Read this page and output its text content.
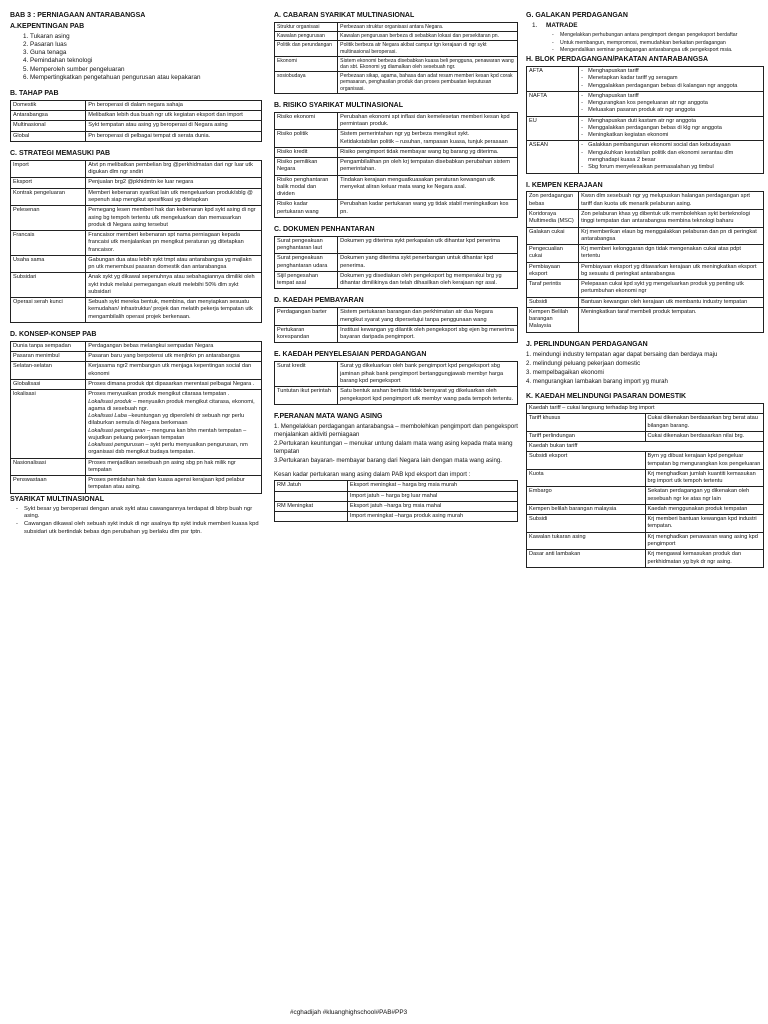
BAB 3 : PERNIAGAAN ANTARABANGSA
A.KEPENTINGAN PAB
1. Tukaran asing
2. Pasaran luas
3. Guna tenaga
4. Pemindahan teknologi
5. Memperoleh sumber pengeluaran
6. Mempertingkatkan pengetahuan pengurusan atau kepakaran
B. TAHAP PAB
Domestik	Pn beroperasi di dalam negara sahaja
Antarabangsa	Melibatkan lebih dua buah ngr utk kegiatan eksport dan import
Multinasional	Sykt tempatan atau asing yg beroperasi di Negara asing
Global	Pn beroperasi di pelbagai tempat di serata dunia.
C. STRATEGI MEMASUKI PAB
Import	Atvt pn melibatkan pembelian brg @perkhidmatan dari ngr luar utk digukan dlm ngr sndiri
Eksport	Penjualan brg2 @pkhidmtn ke luar negara
Kontrak pengeluaran	Memberi kebenaran syarikat lain utk mengeluarkan produk/sblg @ sepenuh siap mengikut spesifikasi yg ditetapkan
Pelesenan	Pemegang lesen memberi hak dan kebenaran kpd sykt asing di ngr asing bg tempoh tertentu utk mengeluarkan dan memasarkan produk di Negara asing tersebut
Francais	Francaisor memberi kebenaran spt nama perniagaan kepada francaisi utk menjalankan pn mengikut peraturan yg ditetapkan francaisor.
Usaha sama	Gabungan dua atau lebih sykt tmpt atau antarabangsa yg majlakn pn utk menembusi pasaran domestik dan antarabangsa
Subsidari	Anak sykt yg dikawal sepenuhnya atau sebahagiannya dimiliki oleh sykt induk melalui pemegangan ekuiti melebihi 50% dlm sykt subsidari
Operasi serah kunci	Sebuah sykt mereka bentuk, membina, dan menyiapkan sesuatu kemudahan/ infrastruktur/ projek dan melatih pekerja tempatan utk mengambilalih operasi projek berkenaan.
D. KONSEP-KONSEP PAB
Dunia tanpa sempadan	Perdagangan bebas melangkui sempadan Negara

Pasaran menimbul	Pasaran baru yang berpotensi utk menjlnkn pn antarabangsa

Selatan-selatan	Kerjasama ngr2 membangun utk menjaga kepentingan social dan ekonomi

Globalisasi	Proses dimana produk dpt dipasarkan merentasi pelbagai Negara .

lokalisasi	Proses menyuaikan produk mengikut citarasa tempatan .
Lokalisasi produk – menyuaikn produk mengikut citarasa, ekonomi, agama di sesebuah ngr.
Lokalisasi Laba –keuntungan yg diperolehi dr sebuah ngr perlu dilaburkan semula di Negara berkenaan
Lokalisasi pengeluaran – menguna kan bhn mentah tempatan – wujudkan peluang pekerjaan tempatan
Lokalisasi pengurusan – sykt perlu menyuaikan pengurusan, nm organisasi dsb mengikut budaya tempatan.

Nasionalisasi	Proses menjadikan sesebuah pn asing sbg pn hak milik ngr tempatan

Penswastaan	Proses pemidahan hak dan kuasa agensi kerajaan kpd pelabur tempatan atau asing.
SYARIKAT MULTINASIONAL
- Sykt besar yg beroperasi dengan anak sykt atau cawangannya terdapat di bbrp buah ngr asing.
- Cawangan dikawal oleh sebuah sykt induk di ngr asalnya ttp sykt induk memberi kuasa kpd subsidari utk bertindak bebas dgn perubahan yg berlaku dlm psr tptn.
A. CABARAN SYARIKAT MULTINASIONAL
Struktur organisasi	Perbezaan struktur organisasi antara Negara.
Kawalan pengurusan	Kawalan pengurusan berbeza di sebabkan lokasi dan persekitaran pn.
Politik dan perundangan	Politik berbeza atr Negara akibat campur tgn kerajaan di ngr sykt multinasional beroperasi.
Ekonomi	Sistem ekonomi berbeza disebabkan kuasa beli pengguna, penawaran wang dan sbt. Ekonomi yg diamalkan oleh sesebuah ngr.
sosiobudaya	Perbezaan sikap, agama, bahasa dan adat resam memberi kesan kpd corak pemasaran, penghasilan produk dan proses pembuatan keputusan organisasi.
B. RISIKO SYARIKAT MULTINASIONAL
Risiko ekonomi	Perubahan ekonomi spt inflasi dan kemelesetan memberi kesan kpd permintaan produk.
Risiko politik	Sistem pemerintahan ngr yg berbeza mengikut sykt.
Ketidakstabilan politik – rusuhan, rampasan kuasa, tunjuk perasaan
Risiko kredit	Risiko pengimport tidak membayar wang bg barang yg diterima.
Risiko pemilikan Negara	Pengambilalihan pn oleh krj tempatan disebabkan perubahan sistem pemerintahan.
Risiko penghantaran balik modal dan dividen	Tindakan kerajaan menguatkuasakan peraturan kewangan utk menyekat aliran keluar mata wang ke Negara asal.
Risiko kadar pertukaran wang	Perubahan kadar pertukaran wang yg tidak stabil meningkatkan kos pn.
C. DOKUMEN PENHANTARAN
Surat pengeakuan penghantaran laut	Dokumen yg diterima sykt perkapalan utk dihantar kpd penerima
Surat pengeakuan penghantaran udara	Dokumen yang diterima sykt penerbangan untuk dihantar kpd penerima.
Sijil pengesahan tempat asal	Dokumen yg disediakan oleh pengeksport bg memperakui brg yg dihantar dimilikinya dan telah dihasilkan oleh kerajaan ngr asal.
D. KAEDAH PEMBAYARAN
Perdagangan barter	Sistem pertukaran barangan dan perkhimatan atr dua Negara mengikut syarat yang dipersetujui tanpa penggunaan wang
Pertukaran korespandan	Institusi kewangan yg dilantik oleh pengeksport sbg ejen bg menerima bayaran daripada pengimport.
E. KAEDAH PENYELESAIAN PERDAGANGAN
Surat kredit	Surat yg dikeluarkan oleh bank pengimport kpd pengeksport sbg jaminan pihak bank pengimport bertanggungjawab membyr harga barang kpd pengeksport
Tuntutan ikut perintah	Satu bentuk arahan bertulis tidak bersyarat yg dikeluarkan oleh pengeksport kpd pengimport utk membyr wang pada tempoh tertentu.
F.PERANAN MATA WANG ASING
1. Mengelakkan perdagangan antarabangsa – membolehkan pengimport dan pengeksport menjalankan aktiviti perniagaan
2.Pertukaran keuntungan – menukar untung dalam mata wang asing kepada mata wang tempatan
3.Pertukaran bayaran- membayar barang dari Negara lain dengan mata wang asing.
Kesan kadar pertukaran wang asing dalam PAB kpd eksport dan import :
RM Jatuh	Eksport meningkat – harga brg msia murah
	Import jatuh – harga brg luar mahal
RM Meningkat	Eksport jatuh –harga brg msia mahal
	Import meningkat –harga produk asing murah
G. GALAKAN PERDAGANGAN
1. MATRADE
- Mengelakkan perhubungan antara pengimport dengan pengeksport berdaftar
- Untuk membangun, mempromosi, memudahkan berkaitan perdagangan
- Mengendalikan seminar perdagangan antarabangsa utk pengeksport msia.
H. BLOK PERDAGANGAN/PAKATAN ANTARABANGSA
AFTA	- Menghapuskan tariff
- Menetapkan kadar tariff yg seragam
- Menggalakkan perdagangan bebas di kalangan ngr anggota

NAFTA	- Menghapuskan tariff
- Mengurangkan kos pengeluaran atr ngr anggota
- Meluaskan pasaran produk atr ngr anggota

EU	- Menghapuskan duti kastam atr ngr anggota
- Menggalakkan perdagangan bebas di klg ngr anggota
- Meningkatkan kegiatan ekonomi

ASEAN	- Galakkan pembangunan ekonomi social dan kebudayaan
- Mengukuhkan kestabilan politik dan ekonomi serantau dlm menghadapi kuasa 2 besar
- Sbg forum menyelesaikan permasalahan yg timbul
I. KEMPEN KERAJAAN
Zon perdagangan bebas	Kwsn dlm sesebuah ngr yg melupuskan halangan perdagangan sprt tariff dan kuota utk menarik pelaburan asing.
Koridoraya Multimedia (MSC)	Zon pelaburan khas yg dibentuk utk membolehkan sykt berteknologi tinggi tempatan dan antarabangsa membina teknologi baharu
Galakan cukai	Krj memberikan elaun bg menggalakkan pelaburan dan pn di peringkat antarabangsa
Pengecualian cukai	Krj memberi kelonggaran dgn tidak mengenakan cukai atas pdpt tertentu
Pembiayaan eksport	Pembiayaan eksport yg ditawarkan kerajaan utk meningkatkan eksport bg sesuatu di peringkat antarabangsa
Taraf perintis	Pelepasan cukai kpd sykt yg mengeluarkan produk yg penting utk pertumbuhan ekonomi ngr
Subsidi	Bantuan kewangan oleh kerajaan utk membantu industry tempatan
Kempen Belilah barangan Malaysia	Meningkatkan taraf membeli produk tempatan.
J. PERLINDUNGAN PERDAGANGAN
1. meindungi industry tempatan agar dapat bersaing dan berdaya maju
2. melindungi peluang pekerjaan domestic
3. mempelbagaikan ekonomi
4. mengurangkan lambakan barang import yg murah
K. KAEDAH MELINDUNGI PASARAN DOMESTIK
Kaedah tariff – cukai langsung terhadap brg import	
Tariff khusus	Cukai dikenakan berdasarkan brg berat atau bilangan barang.
Tariff perlindungan	Cukai dikenakan berdasarkan nilai brg.
Kaedah bukan tariff	
Subsidi eksport	Byrn yg dibuat kerajaan kpd pengeluar tempatan bg mengurangkan kos pengeluaran
Kuota	Krj menghadkan jumlah kuantiti kemasukan brg import utk tempoh tertentu
Embargo	Sekatan perdagangan yg dikenakan oleh sesebuah ngr ke atas ngr lain
Kempen belilah barangan malaysia	Kaedah menggunakan produk tempatan
Subsidi	Krj memberi bantuan kewangan kpd industri tempatan.
Kawalan tukaran asing	Krj menghadkan penawaran wang asing kpd pengimport
Dasar anti lambakan	Krj mengawal kemasukan produk dan perkhidmatan yg byk dr ngr asing.
#cghadijah #kluanghighschool#PAB#PP3
